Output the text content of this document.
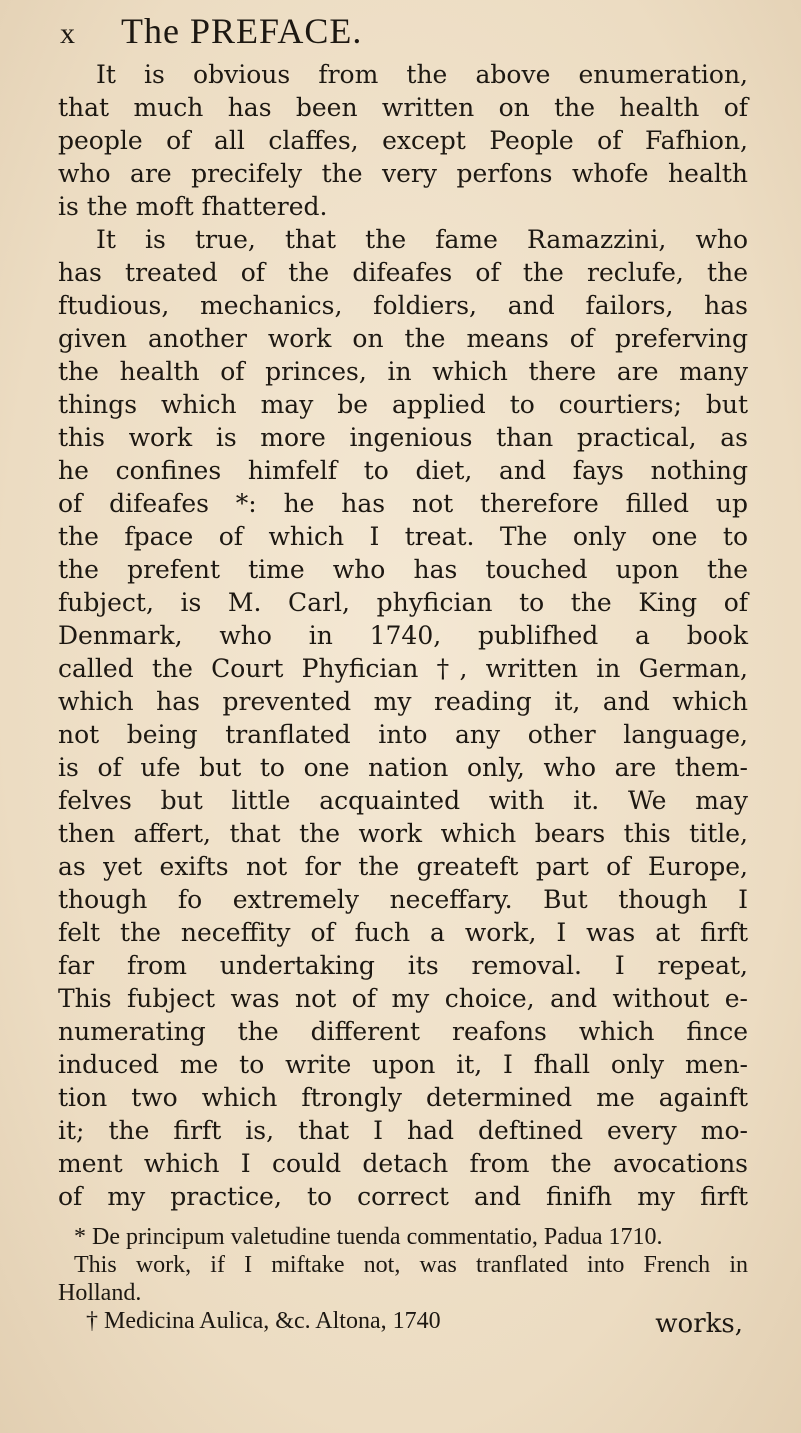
x The PREFACE.
It is obvious from the above enumeration,
that much has been written on the health of
people of all claffes, except People of Fafhion,
who are precifely the very perfons whofe health
is the moft fhattered.
It is true, that the fame Ramazzini, who
has treated of the difeafes of the reclufe, the
ftudious, mechanics, foldiers, and failors, has
given another work on the means of preferving
the health of princes, in which there are many
things which may be applied to courtiers; but
this work is more ingenious than practical, as
he confines himfelf to diet, and fays nothing
of difeafes *: he has not therefore filled up
the fpace of which I treat. The only one to
the prefent time who has touched upon the
fubject, is M. Carl, phyfician to the King of
Denmark, who in 1740, publifhed a book
called the Court Phyfician †, written in German,
which has prevented my reading it, and which
not being tranflated into any other language,
is of ufe but to one nation only, who are them-
felves but little acquainted with it. We may
then affert, that the work which bears this title,
as yet exifts not for the greateft part of Europe,
though fo extremely neceffary. But though I
felt the neceffity of fuch a work, I was at firft
far from undertaking its removal. I repeat,
This fubject was not of my choice, and without e-
numerating the different reafons which fince
induced me to write upon it, I fhall only men-
tion two which ftrongly determined me againft
it; the firft is, that I had deftined every mo-
ment which I could detach from the avocations
of my practice, to correct and finifh my firft
* De principum valetudine tuenda commentatio, Padua 1710.
This work, if I miftake not, was tranflated into French in
Holland.
† Medicina Aulica, &c. Altona, 1740	works,
